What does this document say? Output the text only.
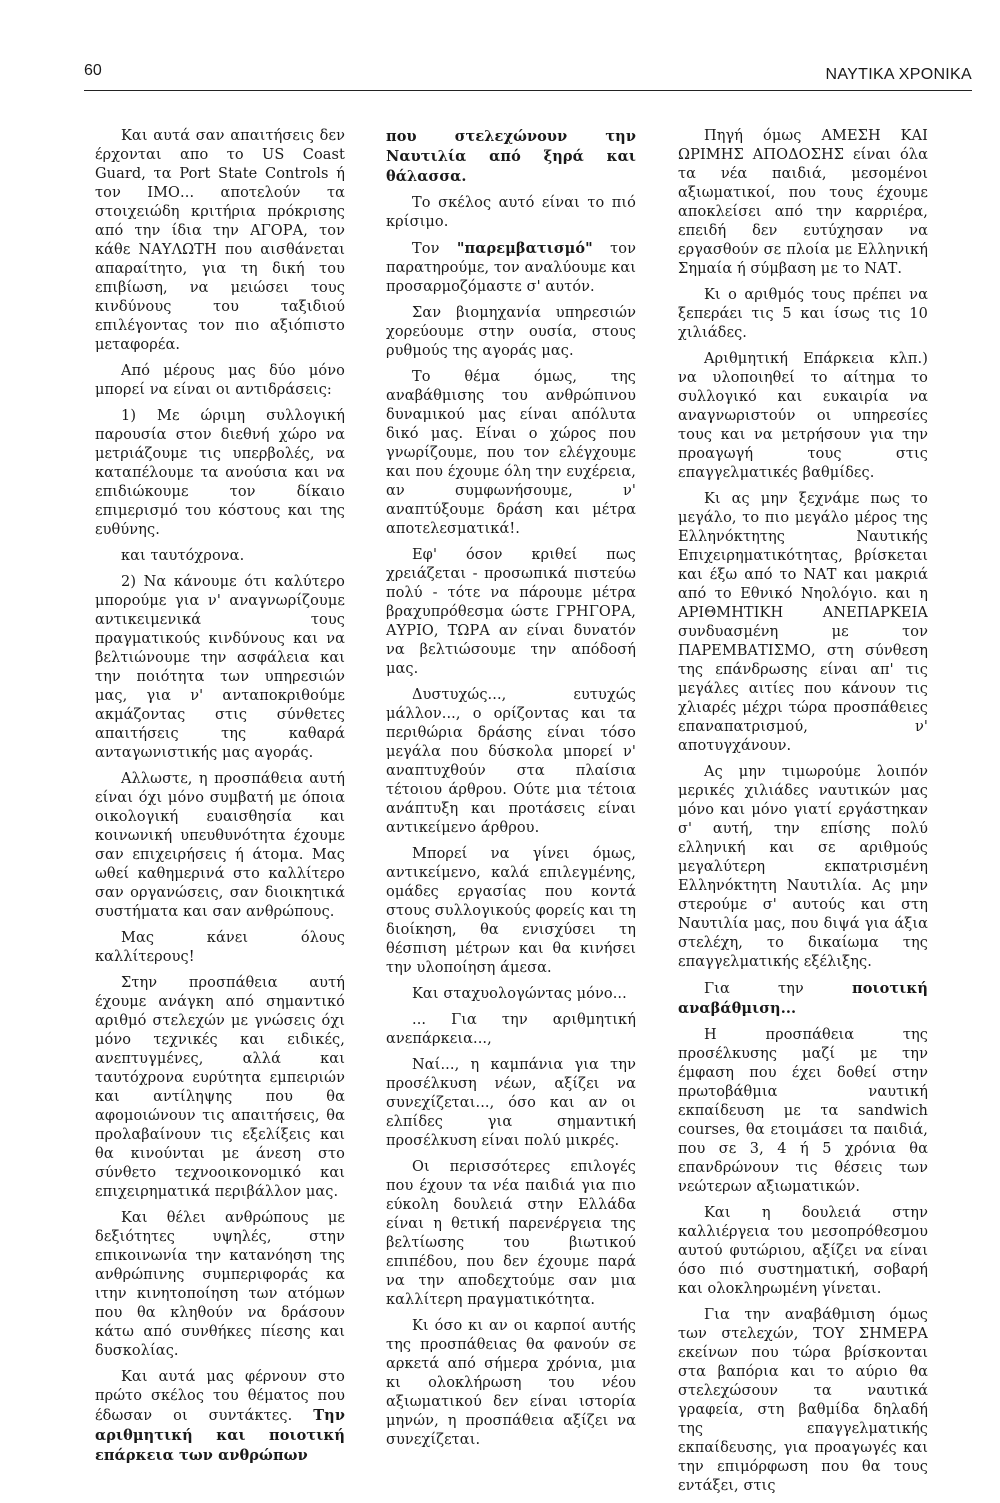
60	ΝΑΥΤΙΚΑ ΧΡΟΝΙΚΑ

Και αυτά σαν απαιτήσεις δεν έρχονται απο το US Coast Guard, τα Port State Controls ή τον ΙΜΟ... αποτελούν τα στοιχειώδη κριτήρια πρόκρισης από την ίδια την ΑΓΟΡΑ, τον κάθε ΝΑΥΛΩΤΗ που αισθάνεται απαραίτητο, για τη δική του επιβίωση, να μειώσει τους κινδύνους του ταξιδιού επιλέγοντας τον πιο αξιόπιστο μεταφορέα.

Από μέρους μας δύο μόνο μπορεί να είναι οι αντιδράσεις:

1) Με ώριμη συλλογική παρουσία στον διεθνή χώρο να μετριάζουμε τις υπερβολές, να καταπέλουμε τα ανούσια και να επιδιώκουμε τον δίκαιο επιμερισμό του κόστους και της ευθύνης.

και ταυτόχρονα.

2) Να κάνουμε ότι καλύτερο μπορούμε για ν' αναγνωρίζουμε αντικειμενικά τους πραγματικούς κινδύνους και να βελτιώνουμε την ασφάλεια και την ποιότητα των υπηρεσιών μας, για ν' ανταποκριθούμε ακμάζοντας στις σύνθετες απαιτήσεις της καθαρά ανταγωνιστικής μας αγοράς.

Αλλωστε, η προσπάθεια αυτή είναι όχι μόνο συμβατή με όποια οικολογική ευαισθησία και κοινωνική υπευθυνότητα έχουμε σαν επιχειρήσεις ή άτομα. Μας ωθεί καθημερινά στο καλλίτερο σαν οργανώσεις, σαν διοικητικά συστήματα και σαν ανθρώπους.

Μας κάνει όλους καλλίτερους!

Στην προσπάθεια αυτή έχουμε ανάγκη από σημαντικό αριθμό στελεχών με γνώσεις όχι μόνο τεχνικές και ειδικές, ανεπτυγμένες, αλλά και ταυτόχρονα ευρύτητα εμπειριών και αντίληψης που θα αφομοιώνουν τις απαιτήσεις, θα προλαβαίνουν τις εξελίξεις και θα κινούνται με άνεση στο σύνθετο τεχνοοικονομικό και επιχειρηματικά περιβάλλον μας.

Και θέλει ανθρώπους με δεξιότητες υψηλές, στην επικοινωνία την κατανόηση της ανθρώπινης συμπεριφοράς κα ιτην κινητοποίηση των ατόμων που θα κληθούν να δράσουν κάτω από συνθήκες πίεσης και δυσκολίας.

Και αυτά μας φέρνουν στο πρώτο σκέλος του θέματος που έδωσαν οι συντάκτες. Την αριθμητική και ποιοτική επάρκεια των ανθρώπων

που στελεχώνουν την Ναυτιλία από ξηρά και θάλασσα.

Το σκέλος αυτό είναι το πιό κρίσιμο.

Τον "παρεμβατισμό" τον παρατηρούμε, τον αναλύουμε και προσαρμοζόμαστε σ' αυτόν.

Σαν βιομηχανία υπηρεσιών χορεύουμε στην ουσία, στους ρυθμούς της αγοράς μας.

Το θέμα όμως, της αναβάθμισης του ανθρώπινου δυναμικού μας είναι απόλυτα δικό μας. Είναι ο χώρος που γνωρίζουμε, που τον ελέγχουμε και που έχουμε όλη την ευχέρεια, αν συμφωνήσουμε, ν' αναπτύξουμε δράση και μέτρα αποτελεσματικά!.

Εφ' όσον κριθεί πως χρειάζεται - προσωπικά πιστεύω πολύ - τότε να πάρουμε μέτρα βραχυπρόθεσμα ώστε ΓΡΗΓΟΡΑ, ΑΥΡΙΟ, ΤΩΡΑ αν είναι δυνατόν να βελτιώσουμε την απόδοσή μας.

Δυστυχώς..., ευτυχώς μάλλον..., ο ορίζοντας και τα περιθώρια δράσης είναι τόσο μεγάλα που δύσκολα μπορεί ν' αναπτυχθούν στα πλαίσια τέτοιου άρθρου. Ούτε μια τέτοια ανάπτυξη και προτάσεις είναι αντικείμενο άρθρου.

Μπορεί να γίνει όμως, αντικείμενο, καλά επιλεγμένης, ομάδες εργασίας που κοντά στους συλλογικούς φορείς και τη διοίκηση, θα ενισχύσει τη θέσπιση μέτρων και θα κινήσει την υλοποίηση άμεσα.

Και σταχυολογώντας μόνο...

... Για την αριθμητική ανεπάρκεια...,

Ναί..., η καμπάνια για την προσέλκυση νέων, αξίζει να συνεχίζεται..., όσο και αν οι ελπίδες για σημαντική προσέλκυση είναι πολύ μικρές.

Οι περισσότερες επιλογές που έχουν τα νέα παιδιά για πιο εύκολη δουλειά στην Ελλάδα είναι η θετική παρενέργεια της βελτίωσης του βιωτικού επιπέδου, που δεν έχουμε παρά να την αποδεχτούμε σαν μια καλλίτερη πραγματικότητα.

Κι όσο κι αν οι καρποί αυτής της προσπάθειας θα φανούν σε αρκετά από σήμερα χρόνια, μια κι ολοκλήρωση του νέου αξιωματικού δεν είναι ιστορία μηνών, η προσπάθεια αξίζει να συνεχίζεται.

Πηγή όμως ΑΜΕΣΗ ΚΑΙ ΩΡΙΜΗΣ ΑΠΟΔΟΣΗΣ είναι όλα τα νέα παιδιά, μεσομένοι αξιωματικοί, που τους έχουμε αποκλείσει από την καρριέρα, επειδή δεν ευτύχησαν να εργασθούν σε πλοία με Ελληνική Σημαία ή σύμβαση με το ΝΑΤ.

Κι ο αριθμός τους πρέπει να ξεπεράει τις 5 και ίσως τις 10 χιλιάδες.

Αριθμητική Επάρκεια κλπ.) να υλοποιηθεί το αίτημα το συλλογικό και ευκαιρία να αναγνωριστούν οι υπηρεσίες τους και να μετρήσουν για την προαγωγή τους στις επαγγελματικές βαθμίδες.

Κι ας μην ξεχνάμε πως το μεγάλο, το πιο μεγάλο μέρος της Ελληνόκτητης Ναυτικής Επιχειρηματικότητας, βρίσκεται και έξω από το ΝΑΤ και μακριά από το Εθνικό Νηολόγιο. και η ΑΡΙΘΜΗΤΙΚΗ ΑΝΕΠΑΡΚΕΙΑ συνδυασμένη με τον ΠΑΡΕΜΒΑΤΙΣΜΟ, στη σύνθεση της επάνδρωσης είναι απ' τις μεγάλες αιτίες που κάνουν τις χλιαρές μέχρι τώρα προσπάθειες επαναπατρισμού, ν' αποτυγχάνουν.

Ας μην τιμωρούμε λοιπόν μερικές χιλιάδες ναυτικών μας μόνο και μόνο γιατί εργάστηκαν σ' αυτή, την επίσης πολύ ελληνική και σε αριθμούς μεγαλύτερη εκπατρισμένη Ελληνόκτητη Ναυτιλία. Ας μην στερούμε σ' αυτούς και στη Ναυτιλία μας, που διψά για άξια στελέχη, το δικαίωμα της επαγγελματικής εξέλιξης.

Για την ποιοτική αναβάθμιση...

Η προσπάθεια της προσέλκυσης μαζί με την έμφαση που έχει δοθεί στην πρωτοβάθμια ναυτική εκπαίδευση με τα sandwich courses, θα ετοιμάσει τα παιδιά, που σε 3, 4 ή 5 χρόνια θα επανδρώνουν τις θέσεις των νεώτερων αξιωματικών.

Και η δουλειά στην καλλιέργεια του μεσοπρόθεσμου αυτού φυτώριου, αξίζει να είναι όσο πιό συστηματική, σοβαρή και ολοκληρωμένη γίνεται.

Για την αναβάθμιση όμως των στελεχών, ΤΟΥ ΣΗΜΕΡΑ εκείνων που τώρα βρίσκονται στα βαπόρια και το αύριο θα στελεχώσουν τα ναυτικά γραφεία, στη βαθμίδα δηλαδή της επαγγελματικής εκπαίδευσης, για προαγωγές και την επιμόρφωση που θα τους εντάξει, στις
